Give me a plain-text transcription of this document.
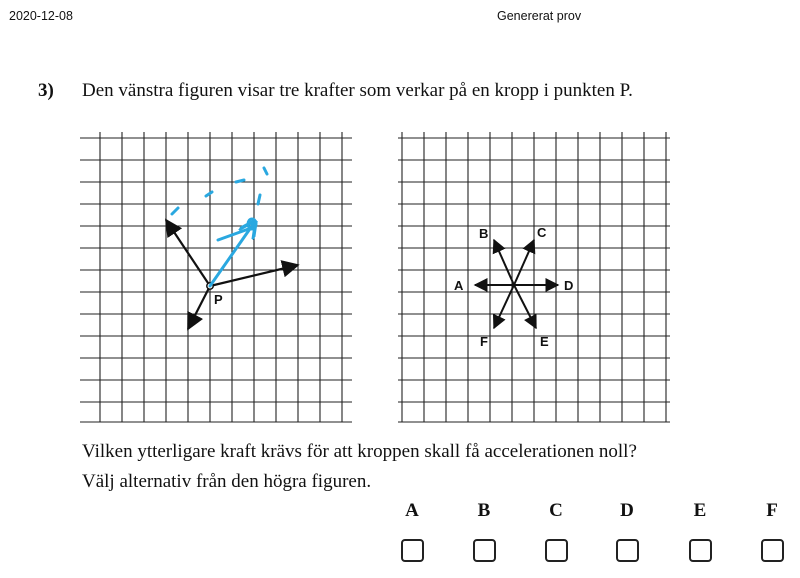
2020-12-08	Genererat prov
3) Den vänstra figuren visar tre krafter som verkar på en kropp i punkten P.
P
A
B	C
D
E
F
Vilken ytterligare kraft krävs för att kroppen skall få accelerationen noll?
Välj alternativ från den högra figuren.
A	B	C	D	E	F
